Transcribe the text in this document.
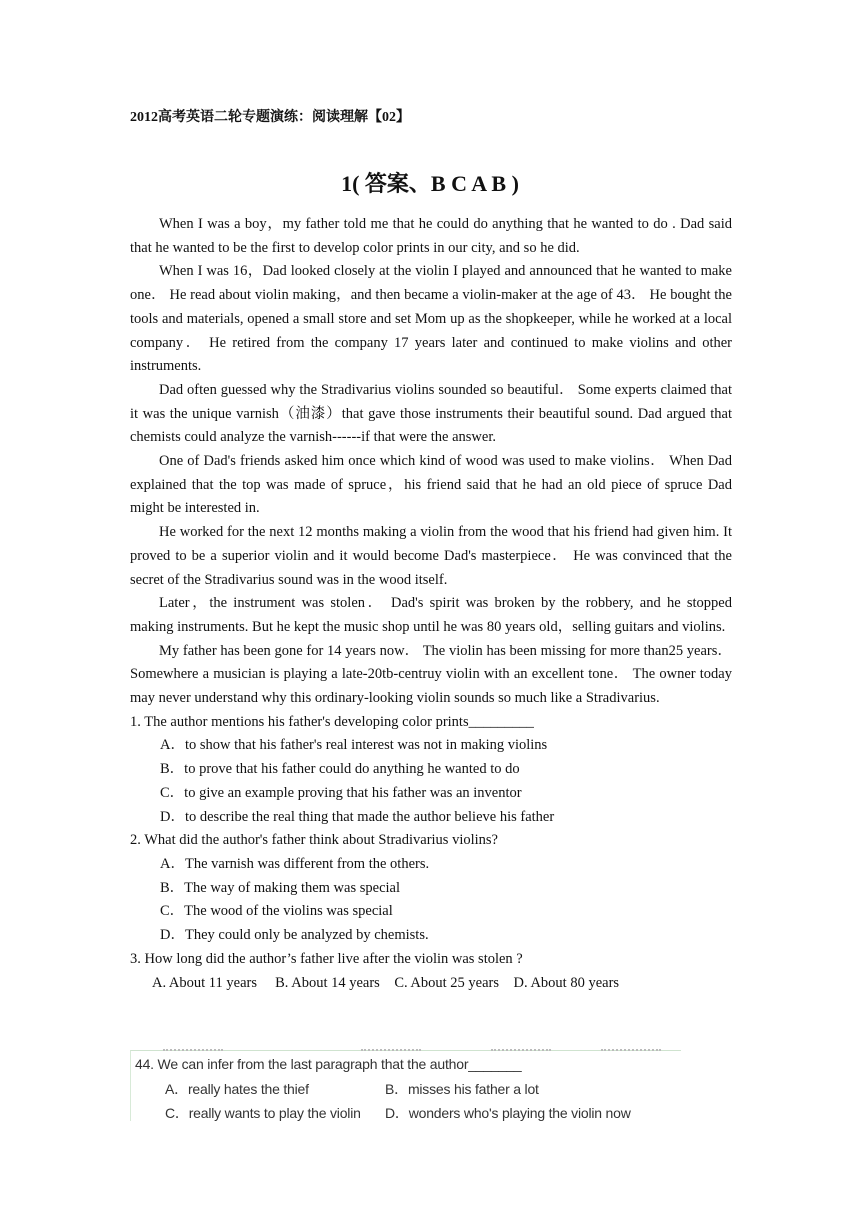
2012高考英语二轮专题演练：阅读理解【02】
1( 答案、B C A B )

When I was a boy，my father told me that he could do anything that he wanted to do . Dad said that he wanted to be the first to develop color prints in our city, and so he did.

When I was 16，Dad looked closely at the violin I played and announced that he wanted to make one． He read about violin making，and then became a violin-maker at the age of 43． He bought the tools and materials, opened a small store and set Mom up as the shopkeeper, while he worked at a local company． He retired from the company 17 years later and continued to make violins and other instruments.

Dad often guessed why the Stradivarius violins sounded so beautiful． Some experts claimed that it was the unique varnish（油漆）that gave those instruments their beautiful sound. Dad argued that chemists could analyze the varnish------if that were the answer.

One of Dad's friends asked him once which kind of wood was used to make violins． When Dad explained that the top was made of spruce，his friend said that he had an old piece of spruce Dad might be interested in.

He worked for the next 12 months making a violin from the wood that his friend had given him. It proved to be a superior violin and it would become Dad's masterpiece． He was convinced that the secret of the Stradivarius sound was in the wood itself.

Later，the instrument was stolen． Dad's spirit was broken by the robbery, and he stopped making instruments. But he kept the music shop until he was 80 years old，selling guitars and violins.

My father has been gone for 14 years now． The violin has been missing for more than25 years． Somewhere a musician is playing a late-20tb-centruy violin with an excellent tone． The owner today may never understand why this ordinary-looking violin sounds so much like a Stradivarius.

1. The author mentions his father's developing color prints_________
A．to show that his father's real interest was not in making violins
B．to prove that his father could do anything he wanted to do
C．to give an example proving that his father was an inventor
D．to describe the real thing that made the author believe his father
2. What did the author's father think about Stradivarius violins?
A．The varnish was different from the others.
B．The way of making them was special
C．The wood of the violins was special
D．They could only be analyzed by chemists.
3. How long did the author’s father live after the violin was stolen ?
A. About 11 years     B. About 14 years    C. About 25 years    D. About 80 years
44. We can infer from the last paragraph that the author_______
A．really hates the thief	B．misses his father a lot
C．really wants to play the violin D．wonders who's playing the violin now
